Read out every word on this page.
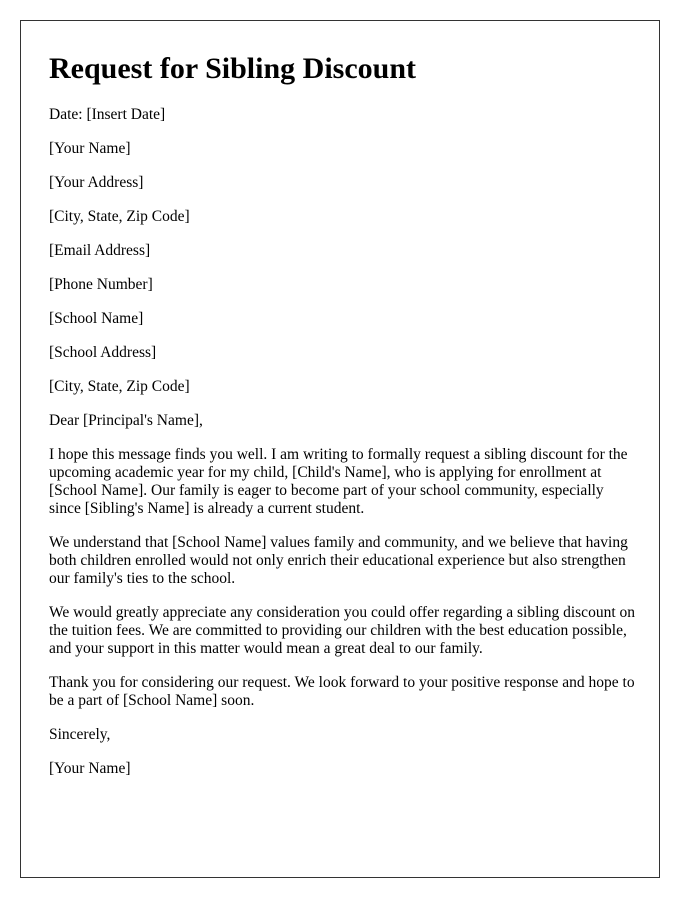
Request for Sibling Discount

Date: [Insert Date]

[Your Name]

[Your Address]

[City, State, Zip Code]

[Email Address]

[Phone Number]

[School Name]

[School Address]

[City, State, Zip Code]

Dear [Principal's Name],

I hope this message finds you well. I am writing to formally request a sibling discount for the upcoming academic year for my child, [Child's Name], who is applying for enrollment at [School Name]. Our family is eager to become part of your school community, especially since [Sibling's Name] is already a current student.

We understand that [School Name] values family and community, and we believe that having both children enrolled would not only enrich their educational experience but also strengthen our family's ties to the school.

We would greatly appreciate any consideration you could offer regarding a sibling discount on the tuition fees. We are committed to providing our children with the best education possible, and your support in this matter would mean a great deal to our family.

Thank you for considering our request. We look forward to your positive response and hope to be a part of [School Name] soon.

Sincerely,

[Your Name]
